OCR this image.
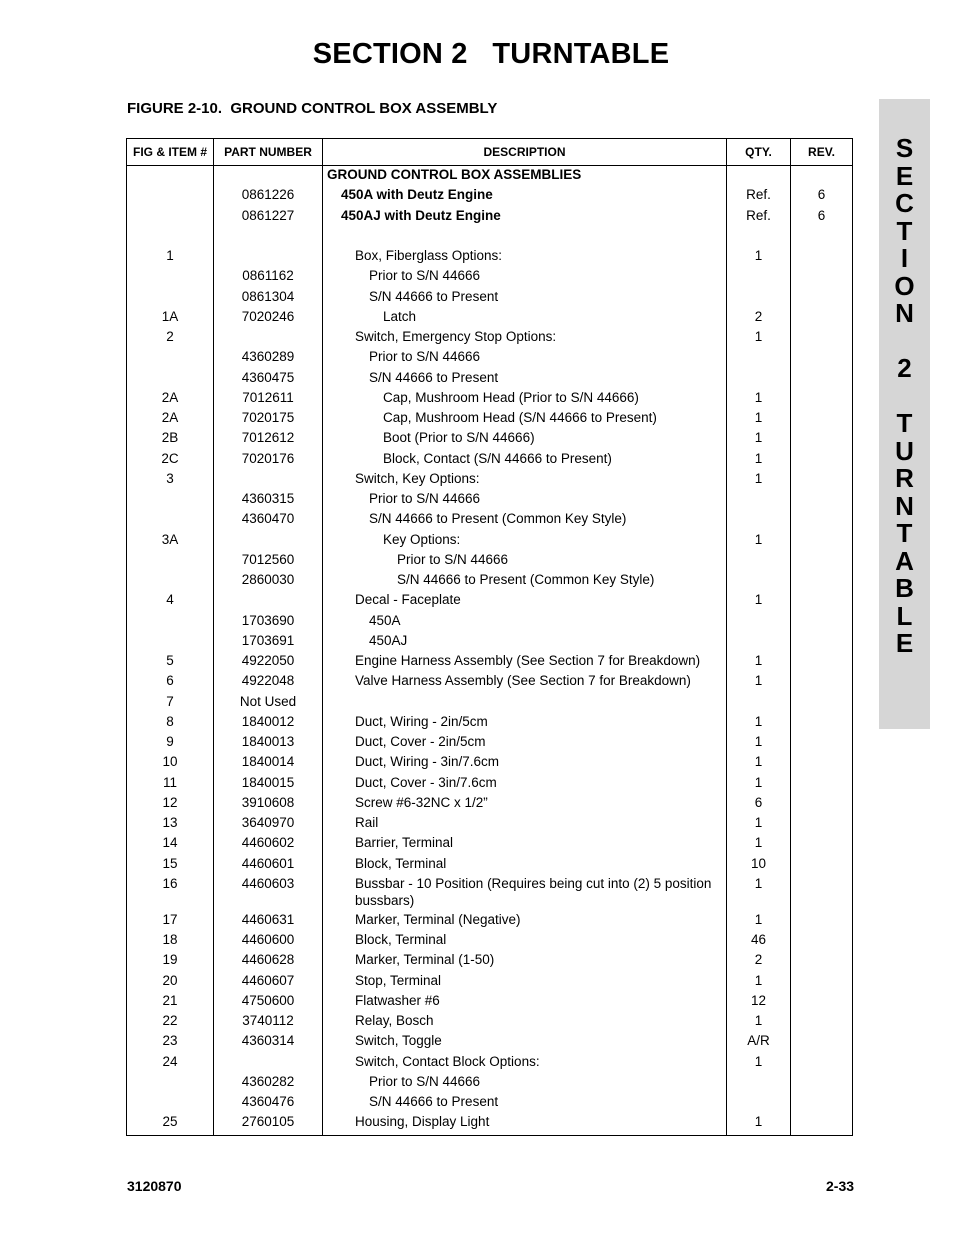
SECTION 2   TURNTABLE
FIGURE 2-10.  GROUND CONTROL BOX ASSEMBLY
S
E
C
T
I
O
N
2
T
U
R
N
T
A
B
L
E
FIG & ITEM #	PART NUMBER	DESCRIPTION	QTY.	REV.
		GROUND CONTROL BOX ASSEMBLIES		
	0861226	450A with Deutz Engine	Ref.	6
	0861227	450AJ with Deutz Engine	Ref.	6

1		Box, Fiberglass Options:	1	
	0861162	Prior to S/N 44666		
	0861304	S/N 44666 to Present		
1A	7020246	Latch	2	
2		Switch, Emergency Stop Options:	1	
	4360289	Prior to S/N 44666		
	4360475	S/N 44666 to Present		
2A	7012611	Cap, Mushroom Head (Prior to S/N 44666)	1	
2A	7020175	Cap, Mushroom Head (S/N 44666 to Present)	1	
2B	7012612	Boot (Prior to S/N 44666)	1	
2C	7020176	Block, Contact (S/N 44666 to Present)	1	
3		Switch, Key Options:	1	
	4360315	Prior to S/N 44666		
	4360470	S/N 44666 to Present (Common Key Style)		
3A		Key Options:	1	
	7012560	Prior to S/N 44666		
	2860030	S/N 44666 to Present (Common Key Style)		
4		Decal - Faceplate	1	
	1703690	450A		
	1703691	450AJ		
5	4922050	Engine Harness Assembly (See Section 7 for Breakdown)	1	
6	4922048	Valve Harness Assembly (See Section 7 for Breakdown)	1	
7	Not Used			
8	1840012	Duct, Wiring - 2in/5cm	1	
9	1840013	Duct, Cover - 2in/5cm	1	
10	1840014	Duct, Wiring - 3in/7.6cm	1	
11	1840015	Duct, Cover - 3in/7.6cm	1	
12	3910608	Screw #6-32NC x 1/2”	6	
13	3640970	Rail	1	
14	4460602	Barrier, Terminal	1	
15	4460601	Block, Terminal	10	
16	4460603	Bussbar - 10 Position (Requires being cut into (2) 5 position bussbars)	1	
17	4460631	Marker, Terminal (Negative)	1	
18	4460600	Block, Terminal	46	
19	4460628	Marker, Terminal (1-50)	2	
20	4460607	Stop, Terminal	1	
21	4750600	Flatwasher #6	12	
22	3740112	Relay, Bosch	1	
23	4360314	Switch, Toggle	A/R	
24		Switch, Contact Block Options:	1	
	4360282	Prior to S/N 44666		
	4360476	S/N 44666 to Present		
25	2760105	Housing, Display Light	1	
3120870	2-33
